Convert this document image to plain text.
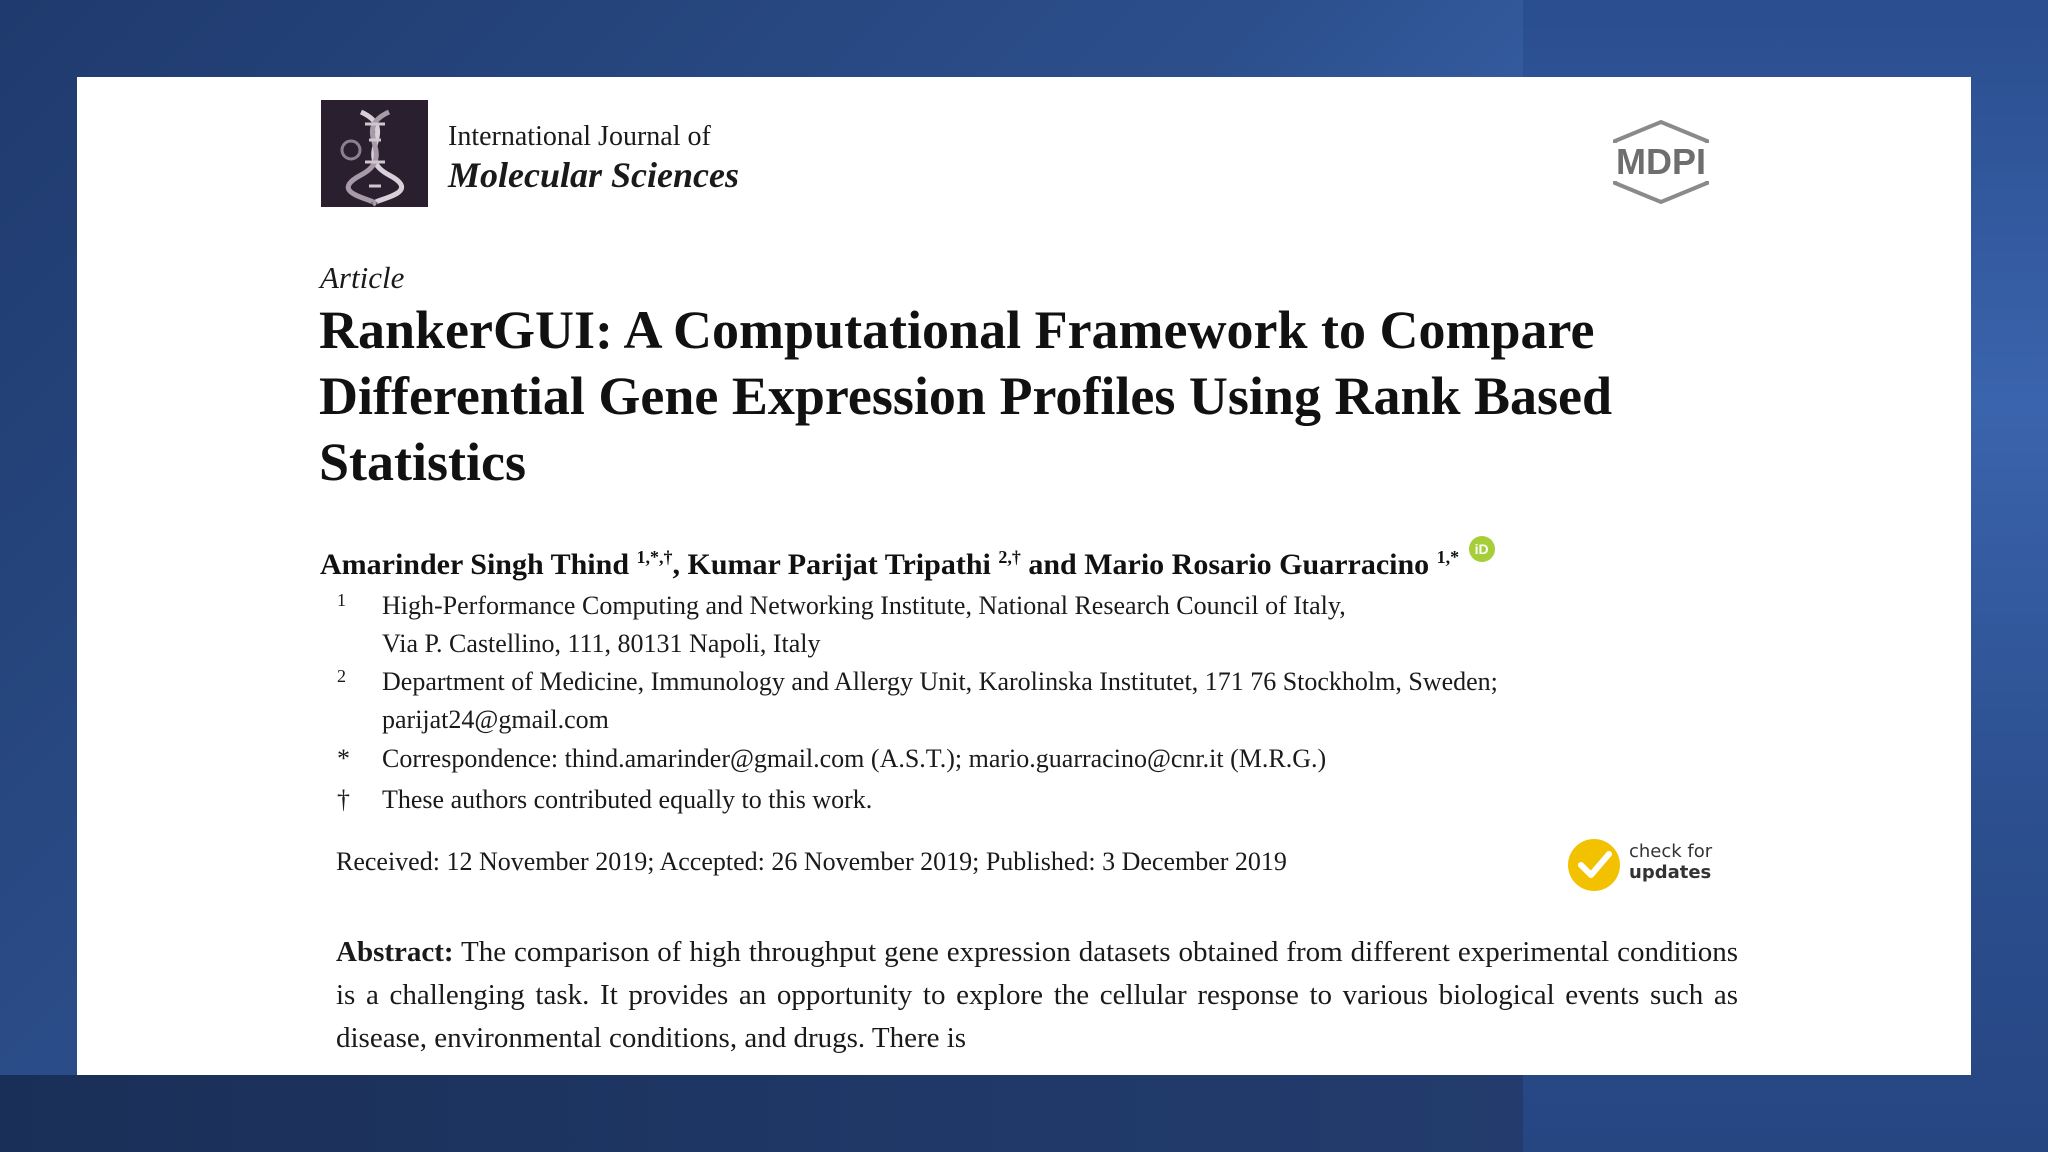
International Journal of
Molecular Sciences	MDPI
Article
RankerGUI: A Computational Framework to Compare Differential Gene Expression Profiles Using Rank Based Statistics
Amarinder Singh Thind $^{1,*,\dagger}$, Kumar Parijat Tripathi $^{2,\dagger}$ and Mario Rosario Guarracino $^{1,*}$	iD
1 High-Performance Computing and Networking Institute, National Research Council of Italy,
Via P. Castellino, 111, 80131 Napoli, Italy
2 Department of Medicine, Immunology and Allergy Unit, Karolinska Institutet, 171 76 Stockholm, Sweden;
parijat24@gmail.com
* Correspondence: thind.amarinder@gmail.com (A.S.T.); mario.guarracino@cnr.it (M.R.G.)
† These authors contributed equally to this work.
Received: 12 November 2019; Accepted: 26 November 2019; Published: 3 December 2019	check for
updates

Abstract: The comparison of high throughput gene expression datasets obtained from different experimental conditions is a challenging task. It provides an opportunity to explore the cellular response to various biological events such as disease, environmental conditions, and drugs. There is
